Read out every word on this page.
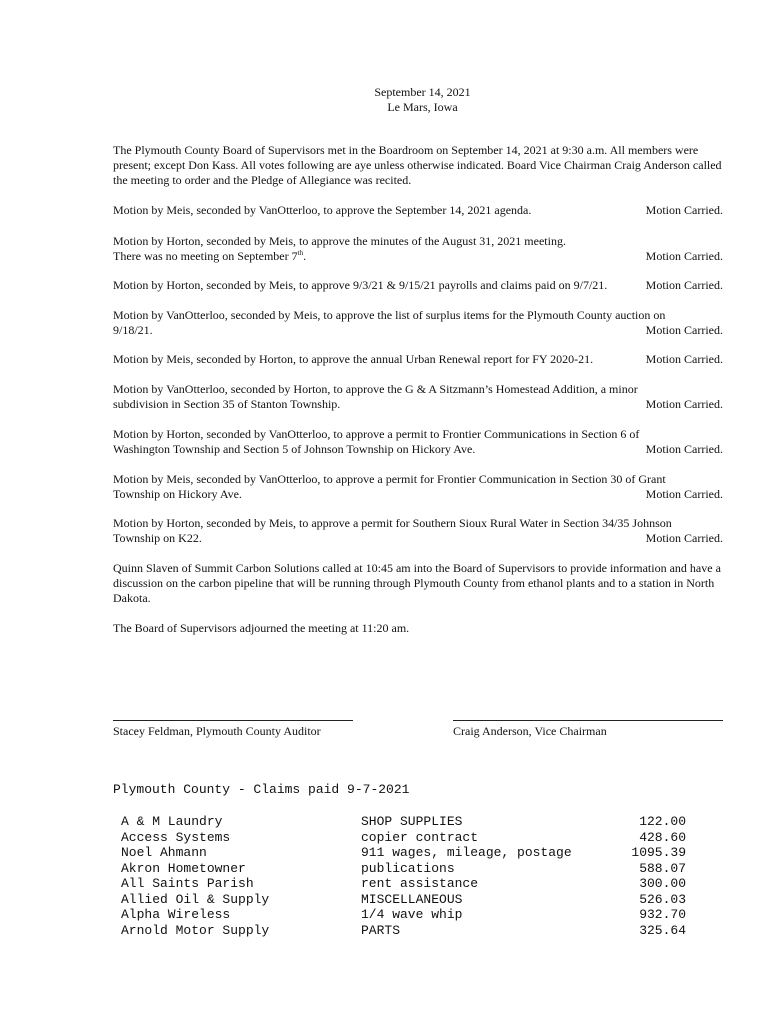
September 14, 2021
Le Mars, Iowa
The Plymouth County Board of Supervisors met in the Boardroom on September 14, 2021 at 9:30 a.m. All members were present; except Don Kass. All votes following are aye unless otherwise indicated. Board Vice Chairman Craig Anderson called the meeting to order and the Pledge of Allegiance was recited.
Motion by Meis, seconded by VanOtterloo, to approve the September 14, 2021 agenda.	Motion Carried.
Motion by Horton, seconded by Meis, to approve the minutes of the August 31, 2021 meeting.
There was no meeting on September 7th.	Motion Carried.
Motion by Horton, seconded by Meis, to approve 9/3/21 & 9/15/21 payrolls and claims paid on 9/7/21.	Motion Carried.
Motion by VanOtterloo, seconded by Meis, to approve the list of surplus items for the Plymouth County auction on
9/18/21.	Motion Carried.
Motion by Meis, seconded by Horton, to approve the annual Urban Renewal report for FY 2020-21.	Motion Carried.
Motion by VanOtterloo, seconded by Horton, to approve the G & A Sitzmann’s Homestead Addition, a minor
subdivision in Section 35 of Stanton Township.	Motion Carried.
Motion by Horton, seconded by VanOtterloo, to approve a permit to Frontier Communications in Section 6 of
Washington Township and Section 5 of Johnson Township on Hickory Ave.	Motion Carried.
Motion by Meis, seconded by VanOtterloo, to approve a permit for Frontier Communication in Section 30 of Grant
Township on Hickory Ave.	Motion Carried.
Motion by Horton, seconded by Meis, to approve a permit for Southern Sioux Rural Water in Section 34/35 Johnson
Township on K22.	Motion Carried.
Quinn Slaven of Summit Carbon Solutions called at 10:45 am into the Board of Supervisors to provide information and have a discussion on the carbon pipeline that will be running through Plymouth County from ethanol plants and to a station in North Dakota.
The Board of Supervisors adjourned the meeting at 11:20 am.
Stacey Feldman, Plymouth County Auditor	Craig Anderson, Vice Chairman
Plymouth County - Claims paid 9-7-2021
A & M Laundry	SHOP SUPPLIES	122.00
Access Systems	copier contract	428.60
Noel Ahmann	911 wages, mileage, postage	1095.39
Akron Hometowner	publications	588.07
All Saints Parish	rent assistance	300.00
Allied Oil & Supply	MISCELLANEOUS	526.03
Alpha Wireless	1/4 wave whip	932.70
Arnold Motor Supply	PARTS	325.64
